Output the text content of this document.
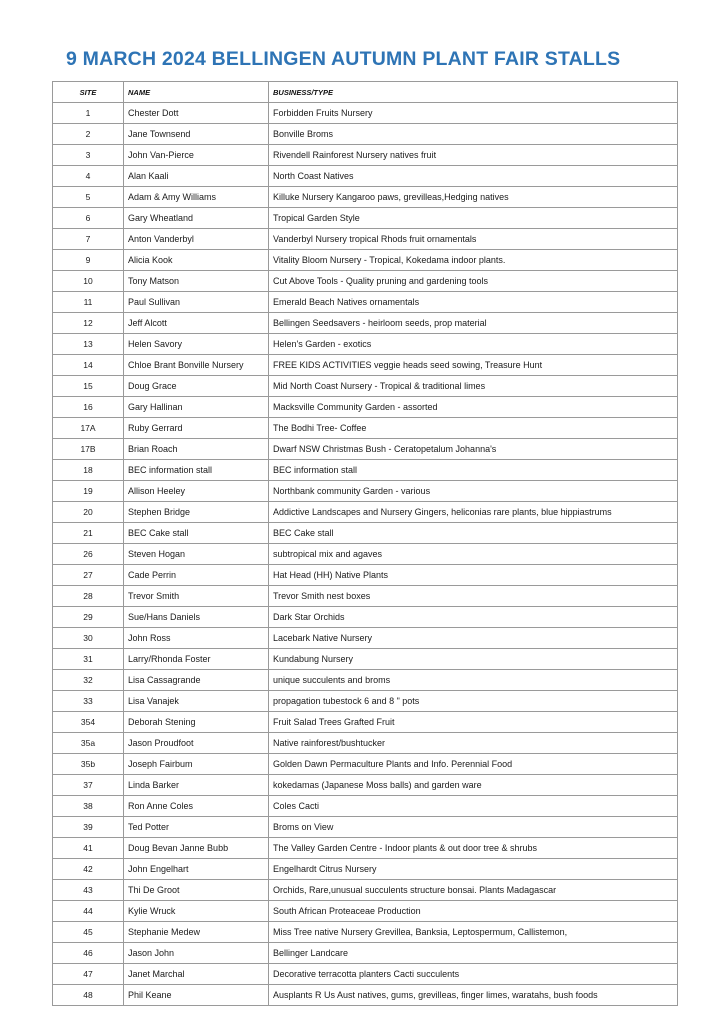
9 MARCH 2024 BELLINGEN AUTUMN PLANT FAIR STALLS
SITE	NAME	BUSINESS/TYPE
1	Chester Dott	Forbidden Fruits Nursery
2	Jane Townsend	Bonville Broms
3	John Van-Pierce	Rivendell Rainforest Nursery natives fruit
4	Alan Kaali	North Coast Natives
5	Adam & Amy Williams	Killuke Nursery Kangaroo paws, grevilleas,Hedging natives
6	Gary Wheatland	Tropical Garden Style
7	Anton Vanderbyl	Vanderbyl Nursery tropical Rhods fruit ornamentals
9	Alicia Kook	Vitality Bloom Nursery - Tropical, Kokedama indoor plants.
10	Tony Matson	Cut Above Tools - Quality pruning and gardening tools
11	Paul Sullivan	Emerald Beach Natives ornamentals
12	Jeff Alcott	Bellingen Seedsavers - heirloom seeds, prop material
13	Helen Savory	Helen's Garden - exotics
14	Chloe Brant Bonville Nursery	FREE KIDS ACTIVITIES veggie heads seed sowing, Treasure Hunt
15	Doug Grace	Mid North Coast Nursery - Tropical & traditional limes
16	Gary Hallinan	Macksville Community Garden - assorted
17A	Ruby Gerrard	The Bodhi Tree- Coffee
17B	Brian Roach	Dwarf NSW Christmas Bush - Ceratopetalum Johanna's
18	BEC information stall	BEC information stall
19	Allison Heeley	Northbank community Garden - various
20	Stephen Bridge	Addictive Landscapes and Nursery Gingers, heliconias rare plants, blue hippiastrums
21	BEC Cake stall	BEC Cake stall
26	Steven Hogan	subtropical mix and agaves
27	Cade Perrin	Hat Head (HH) Native Plants
28	Trevor Smith	Trevor Smith nest boxes
29	Sue/Hans Daniels	Dark Star Orchids
30	John Ross	Lacebark Native Nursery
31	Larry/Rhonda Foster	Kundabung Nursery
32	Lisa Cassagrande	unique succulents and broms
33	Lisa Vanajek	propagation tubestock 6 and 8 " pots
354	Deborah Stening	Fruit Salad Trees Grafted Fruit
35a	Jason Proudfoot	Native rainforest/bushtucker
35b	Joseph Fairbum	Golden Dawn Permaculture Plants and Info. Perennial Food
37	Linda Barker	kokedamas (Japanese Moss balls) and garden ware
38	Ron Anne Coles	Coles Cacti
39	Ted Potter	Broms on View
41	Doug Bevan Janne Bubb	The Valley Garden Centre - Indoor plants & out door tree & shrubs
42	John Engelhart	Engelhardt Citrus Nursery
43	Thi De Groot	Orchids, Rare,unusual succulents structure bonsai. Plants Madagascar
44	Kylie Wruck	South African Proteaceae Production
45	Stephanie Medew	Miss Tree native Nursery Grevillea, Banksia, Leptospermum, Callistemon,
46	Jason John	Bellinger Landcare
47	Janet Marchal	Decorative terracotta planters Cacti succulents
48	Phil Keane	Ausplants R Us Aust natives, gums, grevilleas, finger limes, waratahs, bush foods
